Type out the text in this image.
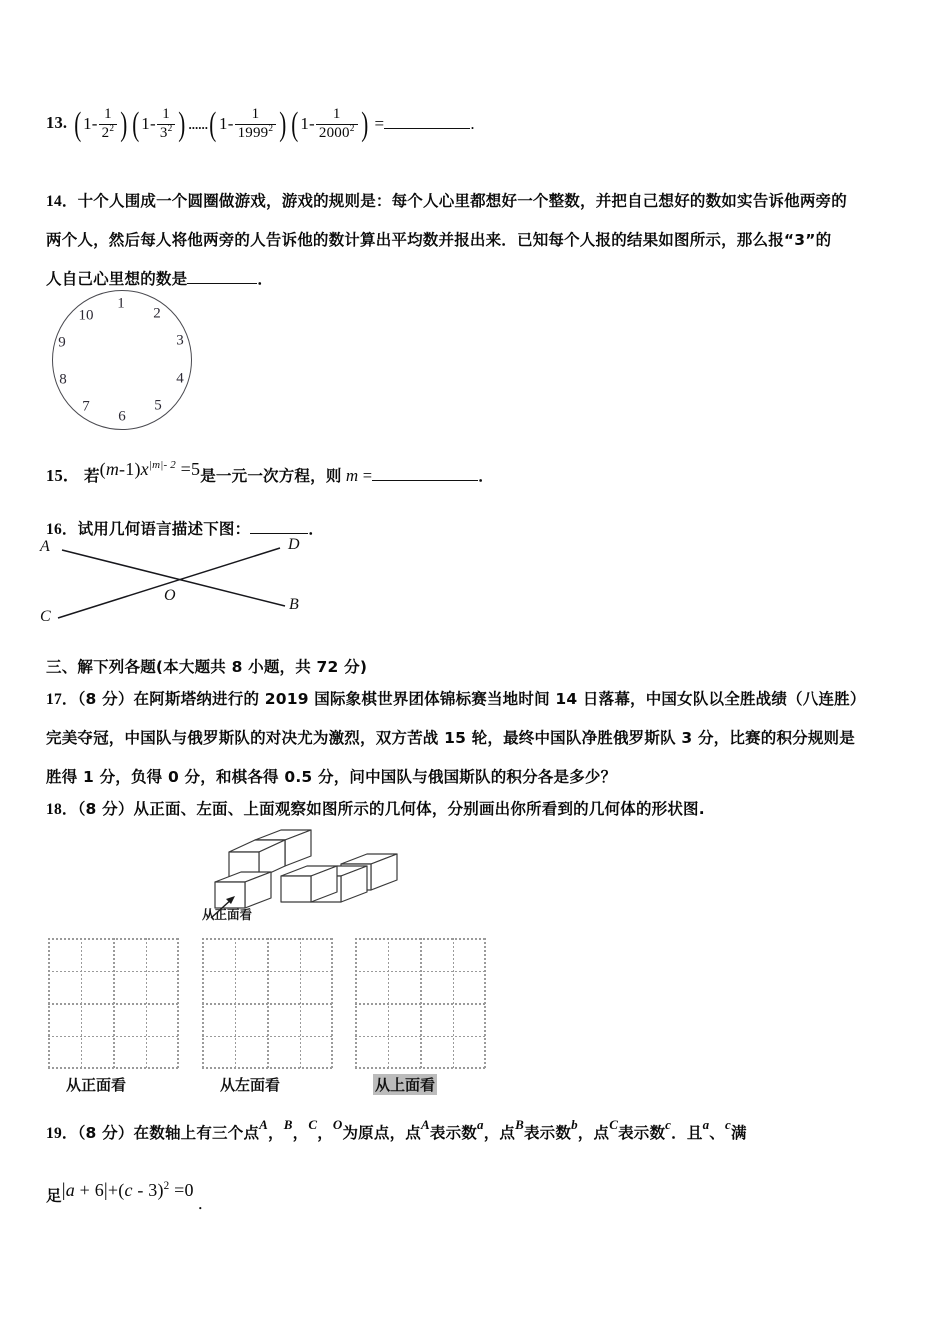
13. ( $1- \frac{1}{2^2}$ ) ( $1- \frac{1}{3^2}$ ) ......( $1- \frac{1}{1999^2}$ ) ( $1- \frac{1}{2000^2}$ ) =	.
14．十个人围成一个圆圈做游戏，游戏的规则是：每个人心里都想好一个整数，并把自己想好的数如实告诉他两旁的
两个人，然后每人将他两旁的人告诉他的数计算出平均数并报出来．已知每个人报的结果如图所示，那么报“3”的
人自己心里想的数是	．
1
2
3
4
5
6
7
8
9
10
15． 若$(m-1)x^{|m|- 2} =5$是一元一次方程，则 m =	．
16．试用几何语言描述下图：	．
A	D
O
B
C
三、解下列各题(本大题共 8 小题，共 72 分)
17．（8 分）在阿斯塔纳进行的 2019 国际象棋世界团体锦标赛当地时间 14 日落幕，中国女队以全胜战绩（八连胜）
完美夺冠，中国队与俄罗斯队的对决尤为激烈，双方苦战 15 轮，最终中国队净胜俄罗斯队 3 分，比赛的积分规则是
胜得 1 分，负得 0 分，和棋各得 0.5 分，问中国队与俄国斯队的积分各是多少？
18．（8 分）从正面、左面、上面观察如图所示的几何体，分别画出你所看到的几何体的形状图.
从正面看
从正面看	从左面看	从上面看
19．（8 分）在数轴上有三个点$^A$，$^B$，$^C$，$^O$为原点，点$^A$表示数$^a$，点$^B$表示数$^b$，点$^C$表示数$^c$．且$^a$、$^c$满
足|a + 6|+(c - 3)$^2$ =0．
